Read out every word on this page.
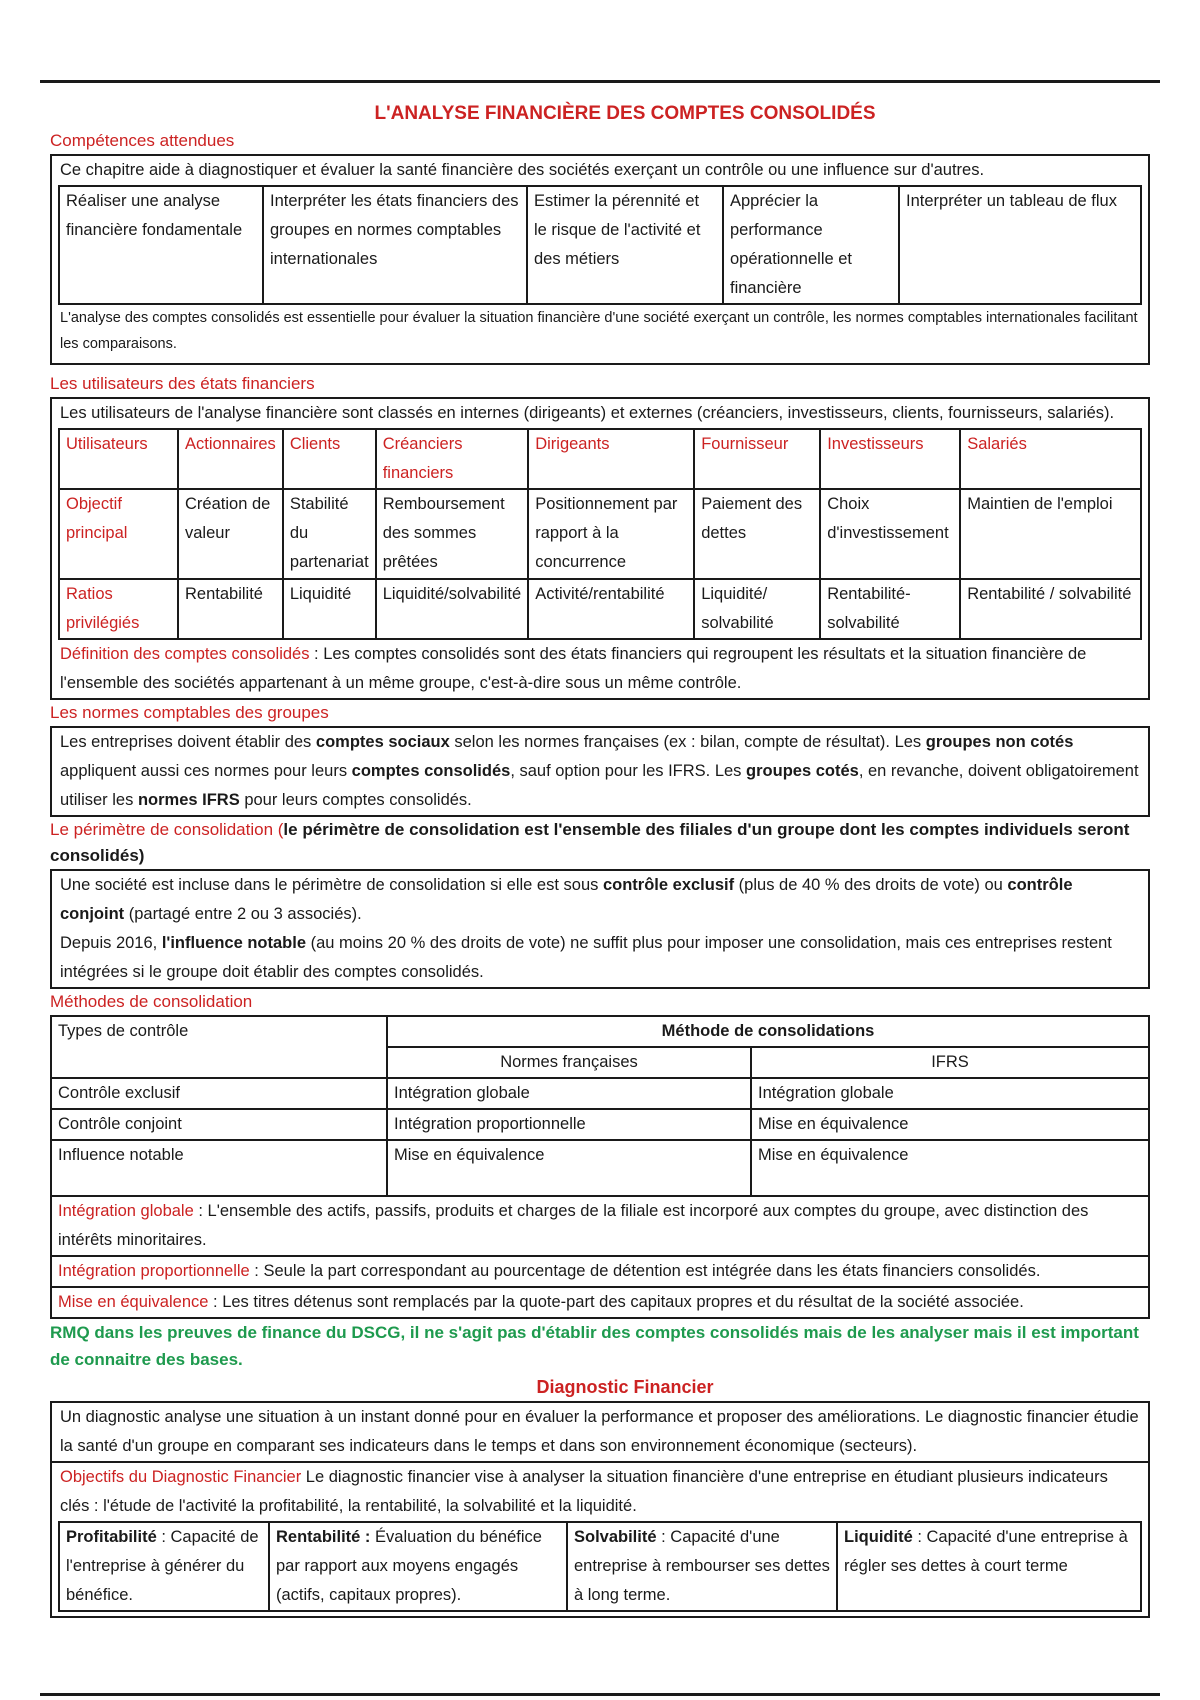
L'ANALYSE FINANCIÈRE DES COMPTES CONSOLIDÉS
Compétences attendues
Ce chapitre aide à diagnostiquer et évaluer la santé financière des sociétés exerçant un contrôle ou une influence sur d'autres.
Réaliser une analyse financière fondamentale	Interpréter les états financiers des groupes en normes comptables internationales	Estimer la pérennité et le risque de l'activité et des métiers	Apprécier la performance opérationnelle et financière	Interpréter un tableau de flux
L'analyse des comptes consolidés est essentielle pour évaluer la situation financière d'une société exerçant un contrôle, les normes comptables internationales facilitant les comparaisons.
Les utilisateurs des états financiers
Les utilisateurs de l'analyse financière sont classés en internes (dirigeants) et externes (créanciers, investisseurs, clients, fournisseurs, salariés).
Utilisateurs	Actionnaires	Clients	Créanciers financiers	Dirigeants	Fournisseur	Investisseurs	Salariés
Objectif principal	Création de valeur	Stabilité du partenariat	Remboursement des sommes prêtées	Positionnement par rapport à la concurrence	Paiement des dettes	Choix d'investissement	Maintien de l'emploi
Ratios privilégiés	Rentabilité	Liquidité	Liquidité/solvabilité	Activité/rentabilité	Liquidité/ solvabilité	Rentabilité-solvabilité	Rentabilité / solvabilité
Définition des comptes consolidés : Les comptes consolidés sont des états financiers qui regroupent les résultats et la situation financière de l'ensemble des sociétés appartenant à un même groupe, c'est-à-dire sous un même contrôle.
Les normes comptables des groupes
Les entreprises doivent établir des comptes sociaux selon les normes françaises (ex : bilan, compte de résultat). Les groupes non cotés appliquent aussi ces normes pour leurs comptes consolidés, sauf option pour les IFRS. Les groupes cotés, en revanche, doivent obligatoirement utiliser les normes IFRS pour leurs comptes consolidés.
Le périmètre de consolidation (le périmètre de consolidation est l'ensemble des filiales d'un groupe dont les comptes individuels seront consolidés)
Une société est incluse dans le périmètre de consolidation si elle est sous contrôle exclusif (plus de 40 % des droits de vote) ou contrôle conjoint (partagé entre 2 ou 3 associés).
Depuis 2016, l'influence notable (au moins 20 % des droits de vote) ne suffit plus pour imposer une consolidation, mais ces entreprises restent intégrées si le groupe doit établir des comptes consolidés.
Méthodes de consolidation
Types de contrôle	Méthode de consolidations	
	Normes françaises	IFRS
Contrôle exclusif	Intégration globale	Intégration globale
Contrôle conjoint	Intégration proportionnelle	Mise en équivalence
Influence notable	Mise en équivalence	Mise en équivalence
Intégration globale : L'ensemble des actifs, passifs, produits et charges de la filiale est incorporé aux comptes du groupe, avec distinction des intérêts minoritaires.		
Intégration proportionnelle : Seule la part correspondant au pourcentage de détention est intégrée dans les états financiers consolidés.		
Mise en équivalence : Les titres détenus sont remplacés par la quote-part des capitaux propres et du résultat de la société associée.		
RMQ dans les preuves de finance du DSCG, il ne s'agit pas d'établir des comptes consolidés mais de les analyser mais il est important de connaitre des bases.
Diagnostic Financier
Un diagnostic analyse une situation à un instant donné pour en évaluer la performance et proposer des améliorations. Le diagnostic financier étudie la santé d'un groupe en comparant ses indicateurs dans le temps et dans son environnement économique (secteurs).
Objectifs du Diagnostic Financier Le diagnostic financier vise à analyser la situation financière d'une entreprise en étudiant plusieurs indicateurs clés : l'étude de l'activité la profitabilité, la rentabilité, la solvabilité et la liquidité.
Profitabilité : Capacité de l'entreprise à générer du bénéfice.	Rentabilité : Évaluation du bénéfice par rapport aux moyens engagés (actifs, capitaux propres).	Solvabilité : Capacité d'une entreprise à rembourser ses dettes à long terme.	Liquidité : Capacité d'une entreprise à régler ses dettes à court terme
